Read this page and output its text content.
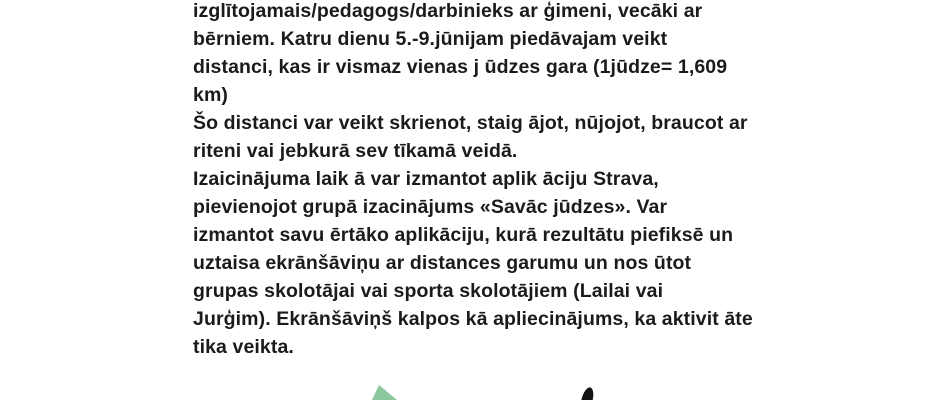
izglītojamais/pedagogs/darbinieks ar ģimeni, vecāki ar
bērniem. Katru dienu 5.-9.jūnijam piedāvajam veikt
distanci, kas ir vismaz vienas j ūdzes gara (1jūdze= 1,609
km)
Šo distanci var veikt skrienot, staig ājot, nūjojot, braucot ar
riteni vai jebkurā sev tīkamā veidā.
Izaicinājuma laik ā var izmantot aplik āciju Strava,
pievienojot grupā izacinājums «Savāc jūdzes». Var
izmantot savu ērtāko aplikāciju, kurā rezultātu piefiksē un
uztaisa ekrānšāviņu ar distances garumu un nos ūtot
grupas skolotājai vai sporta skolotājiem (Lailai vai
Jurģim). Ekrānšāviņš kalpos kā apliecinājums, ka aktivit āte
tika veikta.
